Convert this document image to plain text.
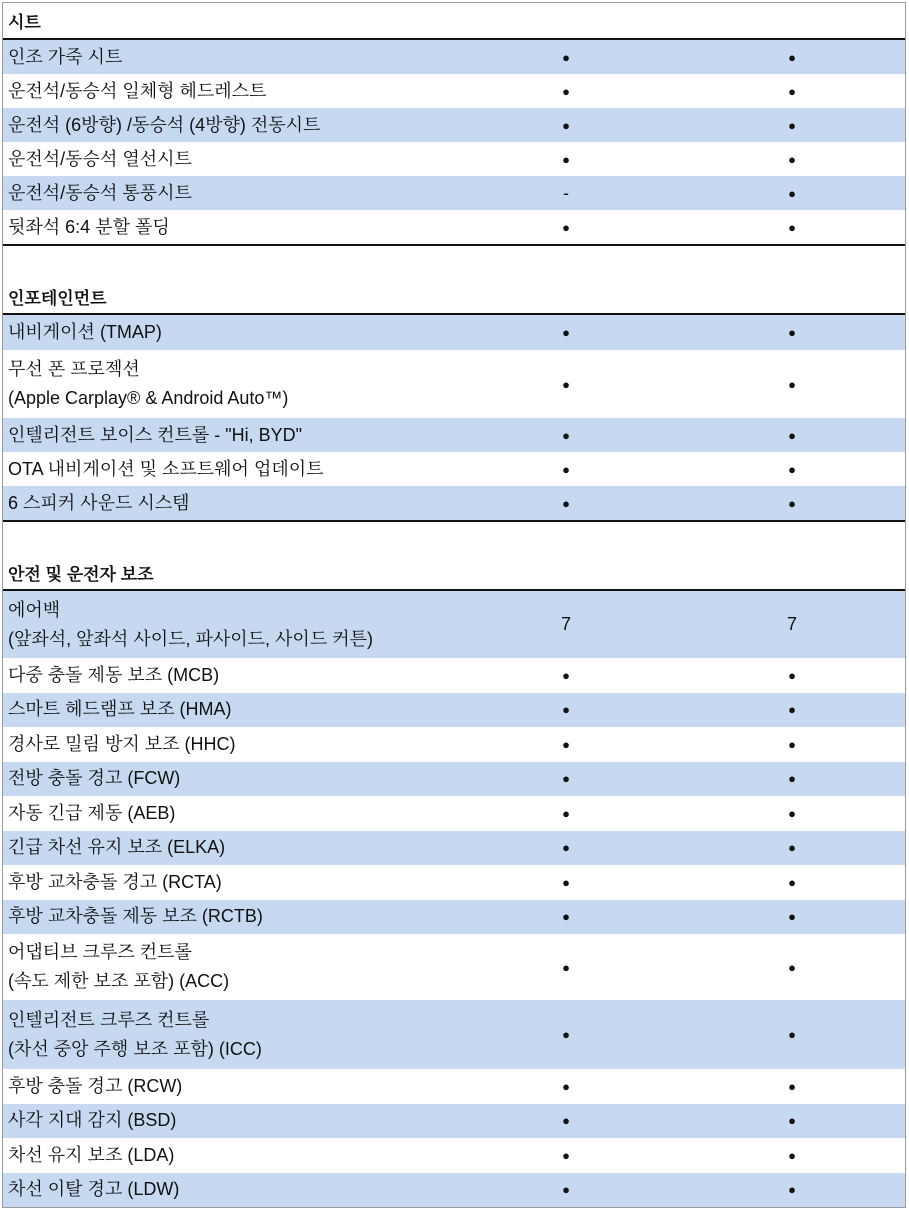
시트
인조 가죽 시트	●	●
운전석/동승석 일체형 헤드레스트	●	●
운전석 (6방향) /동승석 (4방향) 전동시트	●	●
운전석/동승석 열선시트	●	●
운전석/동승석 통풍시트	-	●
뒷좌석 6:4 분할 폴딩	●	●
인포테인먼트
내비게이션 (TMAP)	●	●
무선 폰 프로젝션
(Apple Carplay® & Android Auto™)
●	●
인텔리전트 보이스 컨트롤 - "Hi, BYD"	●	●
OTA 내비게이션 및 소프트웨어 업데이트	●	●
6 스피커 사운드 시스템	●	●
안전 및 운전자 보조
에어백
(앞좌석, 앞좌석 사이드, 파사이드, 사이드 커튼)
7	7
다중 충돌 제동 보조 (MCB)	●	●
스마트 헤드램프 보조 (HMA)	●	●
경사로 밀림 방지 보조 (HHC)	●	●
전방 충돌 경고 (FCW)	●	●
자동 긴급 제동 (AEB)	●	●
긴급 차선 유지 보조 (ELKA)	●	●
후방 교차충돌 경고 (RCTA)	●	●
후방 교차충돌 제동 보조 (RCTB)	●	●
어댑티브 크루즈 컨트롤
(속도 제한 보조 포함) (ACC)
●	●
인텔리전트 크루즈 컨트롤
(차선 중앙 주행 보조 포함) (ICC)
●	●
후방 충돌 경고 (RCW)	●	●
사각 지대 감지 (BSD)	●	●
차선 유지 보조 (LDA)	●	●
차선 이탈 경고 (LDW)	●	●
